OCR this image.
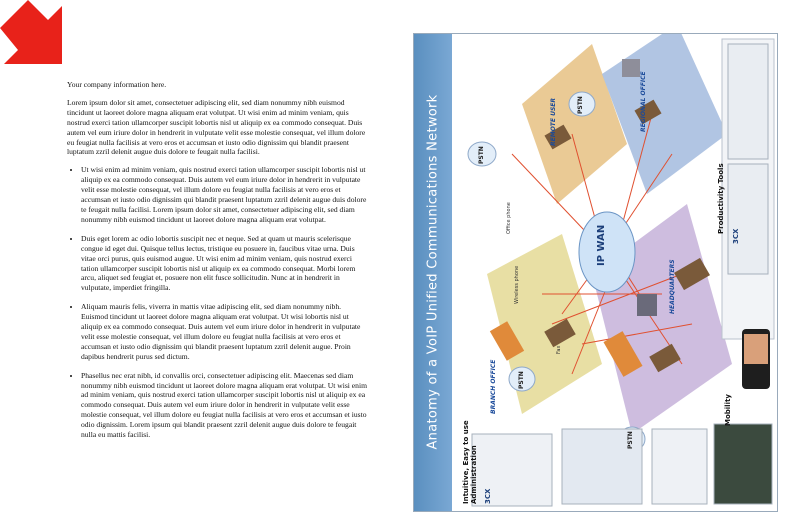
Your company information here.

Lorem ipsum dolor sit amet, consectetuer adipiscing elit, sed diam nonummy nibh euismod tincidunt ut laoreet dolore magna aliquam erat volutpat. Ut wisi enim ad minim veniam, quis nostrud exerci tation ullamcorper suscipit lobortis nisl ut aliquip ex ea commodo consequat. Duis autem vel eum iriure dolor in hendrerit in vulputate velit esse molestie consequat, vel illum dolore eu feugiat nulla facilisis at vero eros et accumsan et iusto odio dignissim qui blandit praesent luptatum zzril delenit augue duis dolore te feugait nulla facilisi.

• Ut wisi enim ad minim veniam, quis nostrud exerci tation ullamcorper suscipit lobortis nisl ut aliquip ex ea commodo consequat. Duis autem vel eum iriure dolor in hendrerit in vulputate velit esse molestie consequat, vel illum dolore eu feugiat nulla facilisis at vero eros et accumsan et iusto odio dignissim qui blandit praesent luptatum zzril delenit augue duis dolore te feugait nulla facilisi. Lorem ipsum dolor sit amet, consectetuer adipiscing elit, sed diam nonummy nibh euismod tincidunt ut laoreet dolore magna aliquam erat volutpat.
• Duis eget lorem ac odio lobortis suscipit nec et neque. Sed at quam ut mauris scelerisque congue id eget dui. Quisque tellus lectus, tristique eu posuere in, faucibus vitae urna. Duis vitae orci purus, quis euismod augue. Ut wisi enim ad minim veniam, quis nostrud exerci tation ullamcorper suscipit lobortis nisl ut aliquip ex ea commodo consequat. Morbi lorem arcu, aliquet sed feugiat et, posuere non elit fusce sollicitudin. Nunc at in hendrerit in vulputate, imperdiet fringilla.
• Aliquam mauris felis, viverra in mattis vitae adipiscing elit, sed diam nonummy nibh. Euismod tincidunt ut laoreet dolore magna aliquam erat volutpat. Ut wisi lobortis nisl ut aliquip ex ea commodo consequat. Duis autem vel eum iriure dolor in hendrerit in vulputate velit esse molestie consequat, vel illum dolore eu feugiat nulla facilisis at vero eros et accumsan et iusto odio dignissim qui blandit praesent luptatum zzril delenit augue. Proin dapibus hendrerit purus sed dictum.
• Phasellus nec erat nibh, id convallis orci, consectetuer adipiscing elit. Maecenas sed diam nonummy nibh euismod tincidunt ut laoreet dolore magna aliquam erat volutpat. Ut wisi enim ad minim veniam, quis nostrud exerci tation ullamcorper suscipit lobortis nisl ut aliquip ex ea commodo consequat. Duis autem vel eum iriure dolor in hendrerit in vulputate velit esse molestie consequat, vel illum dolore eu feugiat nulla facilisis at vero eros et accumsan et iusto odio dignissim. Lorem ipsum qui blandit praesent zzril delenit augue duis dolore te feugait nulla eu mattis facilisi.	Anatomy of a VoIP Unified Communications Network	IP WAN
PSTN
PSTN
PSTN
PSTN
REMOTE USER	REGIONAL OFFICE
HEADQUARTERS
BRANCH OFFICE
Office phone
Wireless phone
Fax
Productivity Tools
3CX
Mobility
Intuitive, Easy to use Administration 3CX
